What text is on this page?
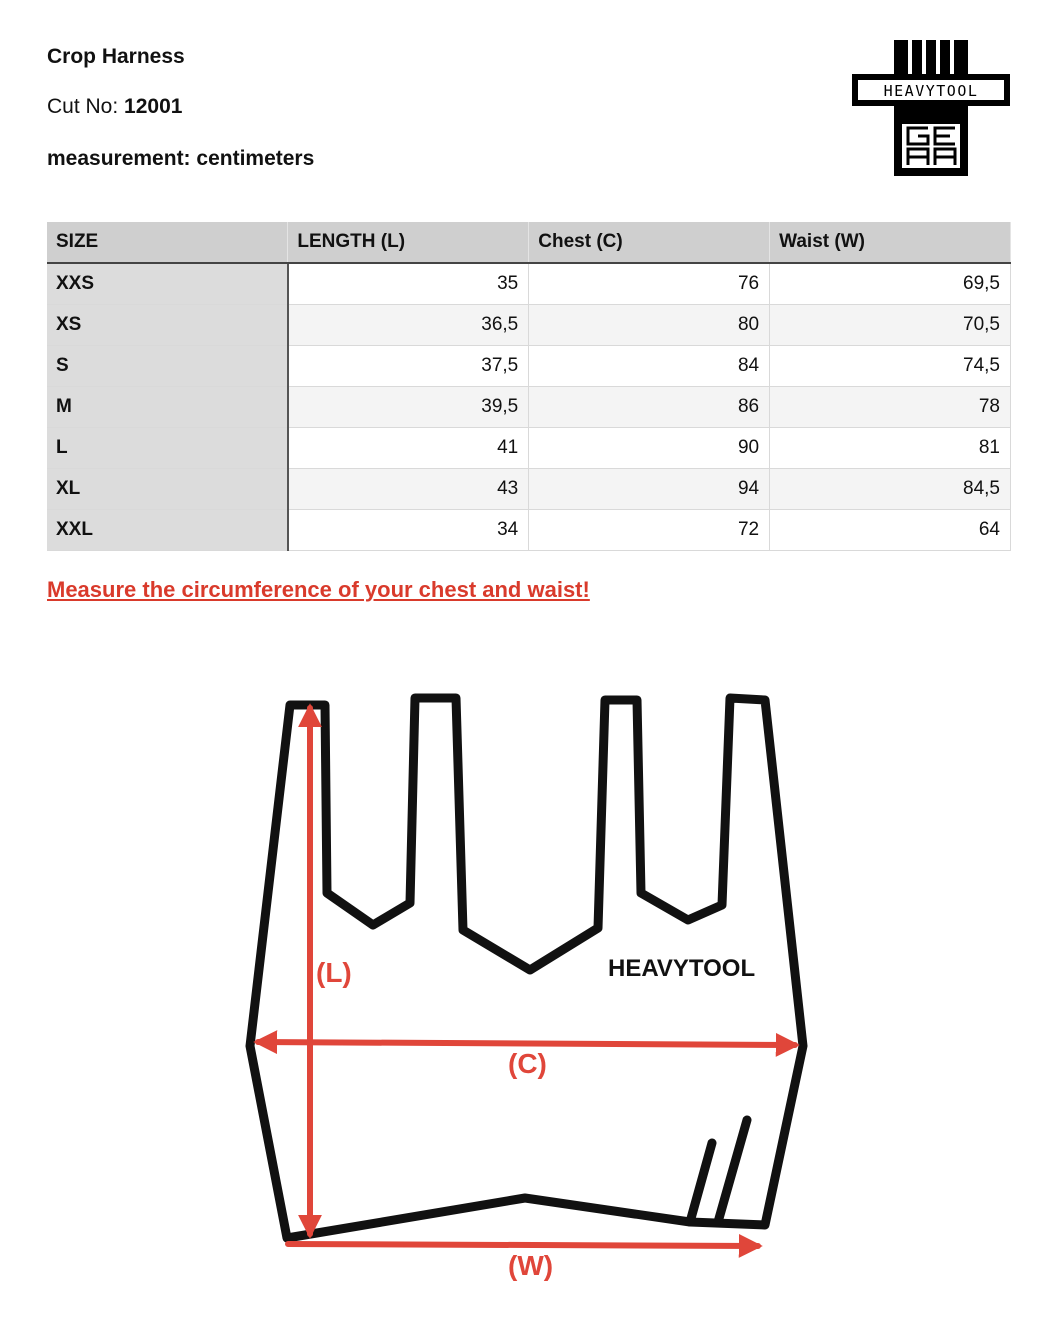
Crop Harness
Cut No: 12001
measurement: centimeters
HEAVYTOOL
SIZE	LENGTH (L)	Chest (C)	Waist (W)
XXS	35	76	69,5
XS	36,5	80	70,5
S	37,5	84	74,5
M	39,5	86	78
L	41	90	81
XL	43	94	84,5
XXL	34	72	64
Measure the circumference of your chest and waist!
HEAVYTOOL
(L)
(C)
(W)
